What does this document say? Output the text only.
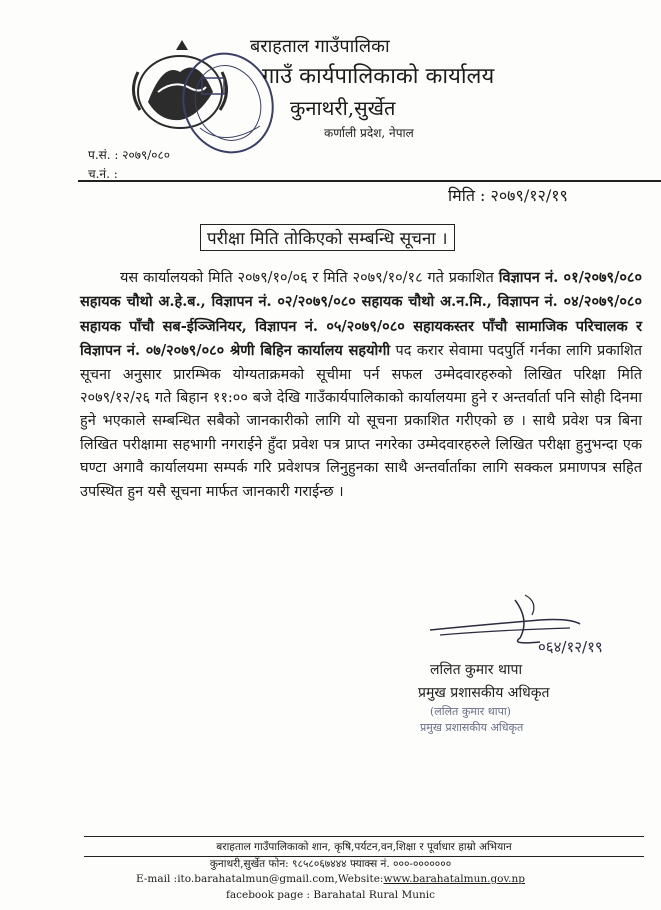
बराहताल गाउँपालिका
गाउँ कार्यपालिकाको कार्यालय
कुनाथरी,सुर्खेत
कर्णाली प्रदेश, नेपाल
प.सं. : २०७९/०८०
च.नं. :
मिति : २०७९/१२/१९
परीक्षा मिति तोकिएको सम्बन्धि सूचना ।
यस कार्यालयको मिति २०७९/१०/०६ र मिति २०७९/१०/१८ गते प्रकाशित विज्ञापन नं. ०१/२०७९/०८० सहायक चौथो अ.हे.ब., विज्ञापन नं. ०२/२०७९/०८० सहायक चौथो अ.न.मि., विज्ञापन नं. ०४/२०७९/०८० सहायक पाँचौ सब-ईञ्जिनियर, विज्ञापन नं. ०५/२०७९/०८० सहायकस्तर पाँचौ सामाजिक परिचालक र विज्ञापन नं. ०७/२०७९/०८० श्रेणी बिहिन कार्यालय सहयोगी पद करार सेवामा पदपुर्ति गर्नका लागि प्रकाशित सूचना अनुसार प्रारम्भिक योग्यताक्रमको सूचीमा पर्न सफल उम्मेदवारहरुको लिखित परिक्षा मिति २०७९/१२/२६ गते बिहान ११:०० बजे देखि गाउँकार्यपालिकाको कार्यालयमा हुने र अन्तर्वार्ता पनि सोही दिनमा हुने भएकाले सम्बन्धित सबैको जानकारीको लागि यो सूचना प्रकाशित गरीएको छ । साथै प्रवेश पत्र बिना लिखित परीक्षामा सहभागी नगराईने हुँदा प्रवेश पत्र प्राप्त नगरेका उम्मेदवारहरुले लिखित परीक्षा हुनुभन्दा एक घण्टा अगावै कार्यालयमा सम्पर्क गरि प्रवेशपत्र लिनुहुनका साथै अन्तर्वार्ताका लागि सक्कल प्रमाणपत्र सहित उपस्थित हुन यसै सूचना मार्फत जानकारी गराईन्छ ।
०६४/१२/१९
ललित कुमार थापा
प्रमुख प्रशासकीय अधिकृत
(ललित कुमार थापा)
प्रमुख प्रशासकीय अधिकृत
बराहताल गाउँपालिकाको शान, कृषि,पर्यटन,वन,शिक्षा र पूर्वाधार हाम्रो अभियान
कुनाथरी,सुर्खेत फोन: ९८५८०६७४४४ फ्याक्स नं. ०००-०००००००
E-mail :ito.barahatalmun@gmail.com,Website:www.barahatalmun.gov.np
facebook page : Barahatal Rural Munic
